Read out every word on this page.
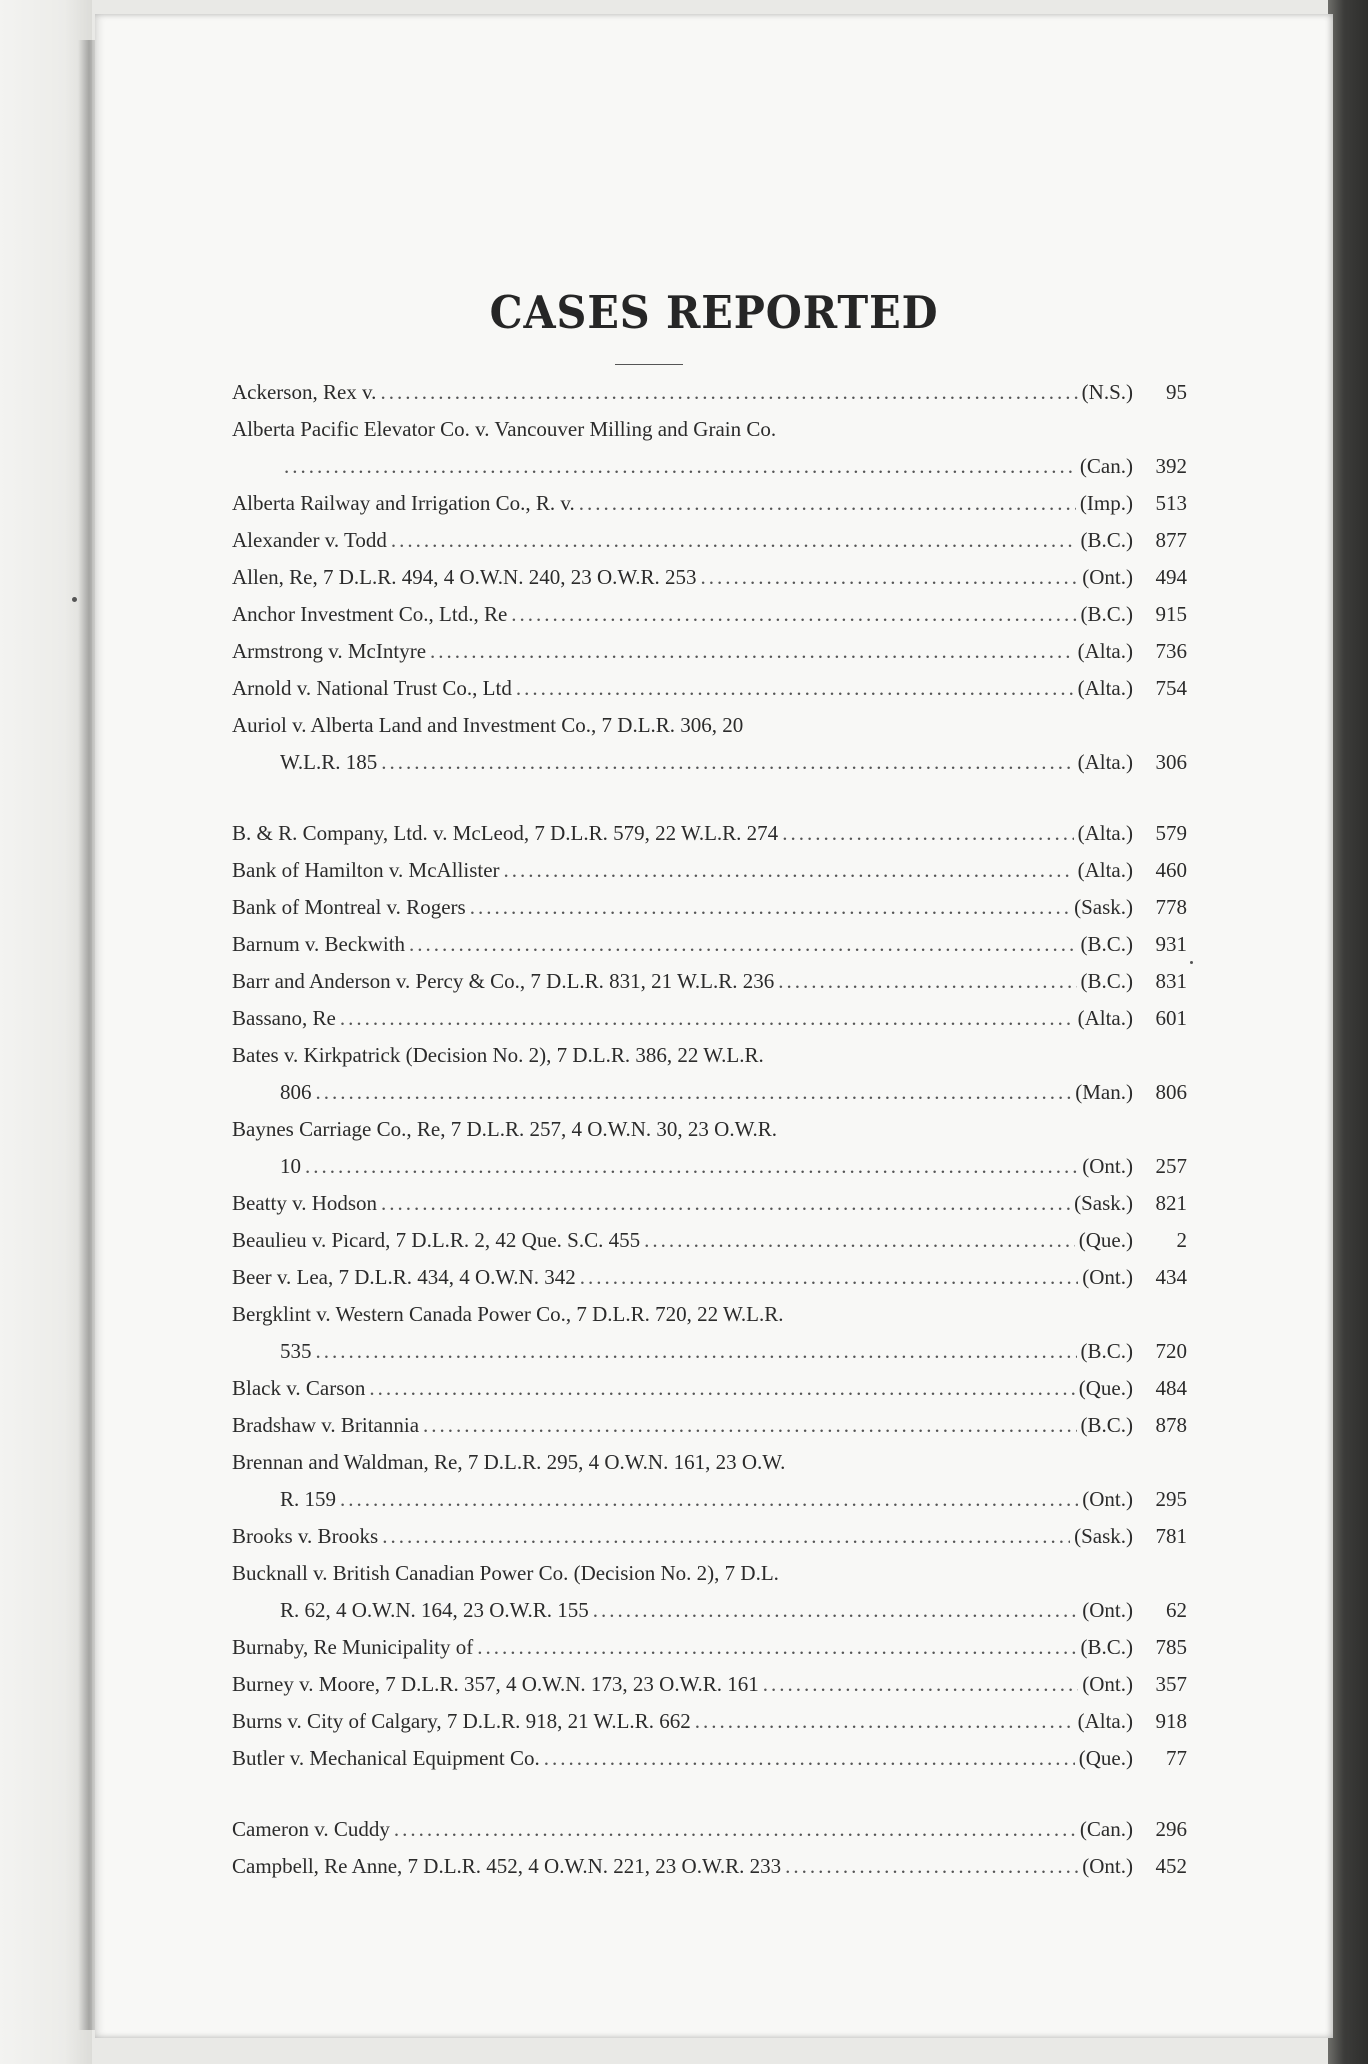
CASES REPORTED
Ackerson, Rex v. .....	(N.S.)	95
Alberta Pacific Elevator Co. v. Vancouver Milling and Grain Co.
.....
(Can.)	392
Alberta Railway and Irrigation Co., R. v. .....	(Imp.)	513
Alexander v. Todd .....	(B.C.)	877
Allen, Re, 7 D.L.R. 494, 4 O.W.N. 240, 23 O.W.R. 253 .....	(Ont.)	494
Anchor Investment Co., Ltd., Re .....	(B.C.)	915
Armstrong v. McIntyre .....	(Alta.)	736
Arnold v. National Trust Co., Ltd .....	(Alta.)	754
Auriol v. Alberta Land and Investment Co., 7 D.L.R. 306, 20
W.L.R. 185 .....	(Alta.)	306
B. & R. Company, Ltd. v. McLeod, 7 D.L.R. 579, 22 W.L.R. 274 .....	(Alta.)	579
Bank of Hamilton v. McAllister .....	(Alta.)	460
Bank of Montreal v. Rogers .....	(Sask.)	778
Barnum v. Beckwith .....	(B.C.)	931
Barr and Anderson v. Percy & Co., 7 D.L.R. 831, 21 W.L.R. 236 .....	(B.C.)	831
Bassano, Re .....	(Alta.)	601
Bates v. Kirkpatrick (Decision No. 2), 7 D.L.R. 386, 22 W.L.R.
806 .....	(Man.)	806
Baynes Carriage Co., Re, 7 D.L.R. 257, 4 O.W.N. 30, 23 O.W.R.
10 .....	(Ont.)	257
Beatty v. Hodson .....	(Sask.)	821
Beaulieu v. Picard, 7 D.L.R. 2, 42 Que. S.C. 455 .....	(Que.)	2
Beer v. Lea, 7 D.L.R. 434, 4 O.W.N. 342 .....	(Ont.)	434
Bergklint v. Western Canada Power Co., 7 D.L.R. 720, 22 W.L.R.
535 .....	(B.C.)	720
Black v. Carson .....	(Que.)	484
Bradshaw v. Britannia .....	(B.C.)	878
Brennan and Waldman, Re, 7 D.L.R. 295, 4 O.W.N. 161, 23 O.W.
R. 159 .....	(Ont.)	295
Brooks v. Brooks .....	(Sask.)	781
Bucknall v. British Canadian Power Co. (Decision No. 2), 7 D.L.
R. 62, 4 O.W.N. 164, 23 O.W.R. 155 .....	(Ont.)	62
Burnaby, Re Municipality of .....	(B.C.)	785
Burney v. Moore, 7 D.L.R. 357, 4 O.W.N. 173, 23 O.W.R. 161 .....	(Ont.)	357
Burns v. City of Calgary, 7 D.L.R. 918, 21 W.L.R. 662 .....	(Alta.)	918
Butler v. Mechanical Equipment Co. .....	(Que.)	77
Cameron v. Cuddy .....	(Can.)	296
Campbell, Re Anne, 7 D.L.R. 452, 4 O.W.N. 221, 23 O.W.R. 233 .....	(Ont.)	452
